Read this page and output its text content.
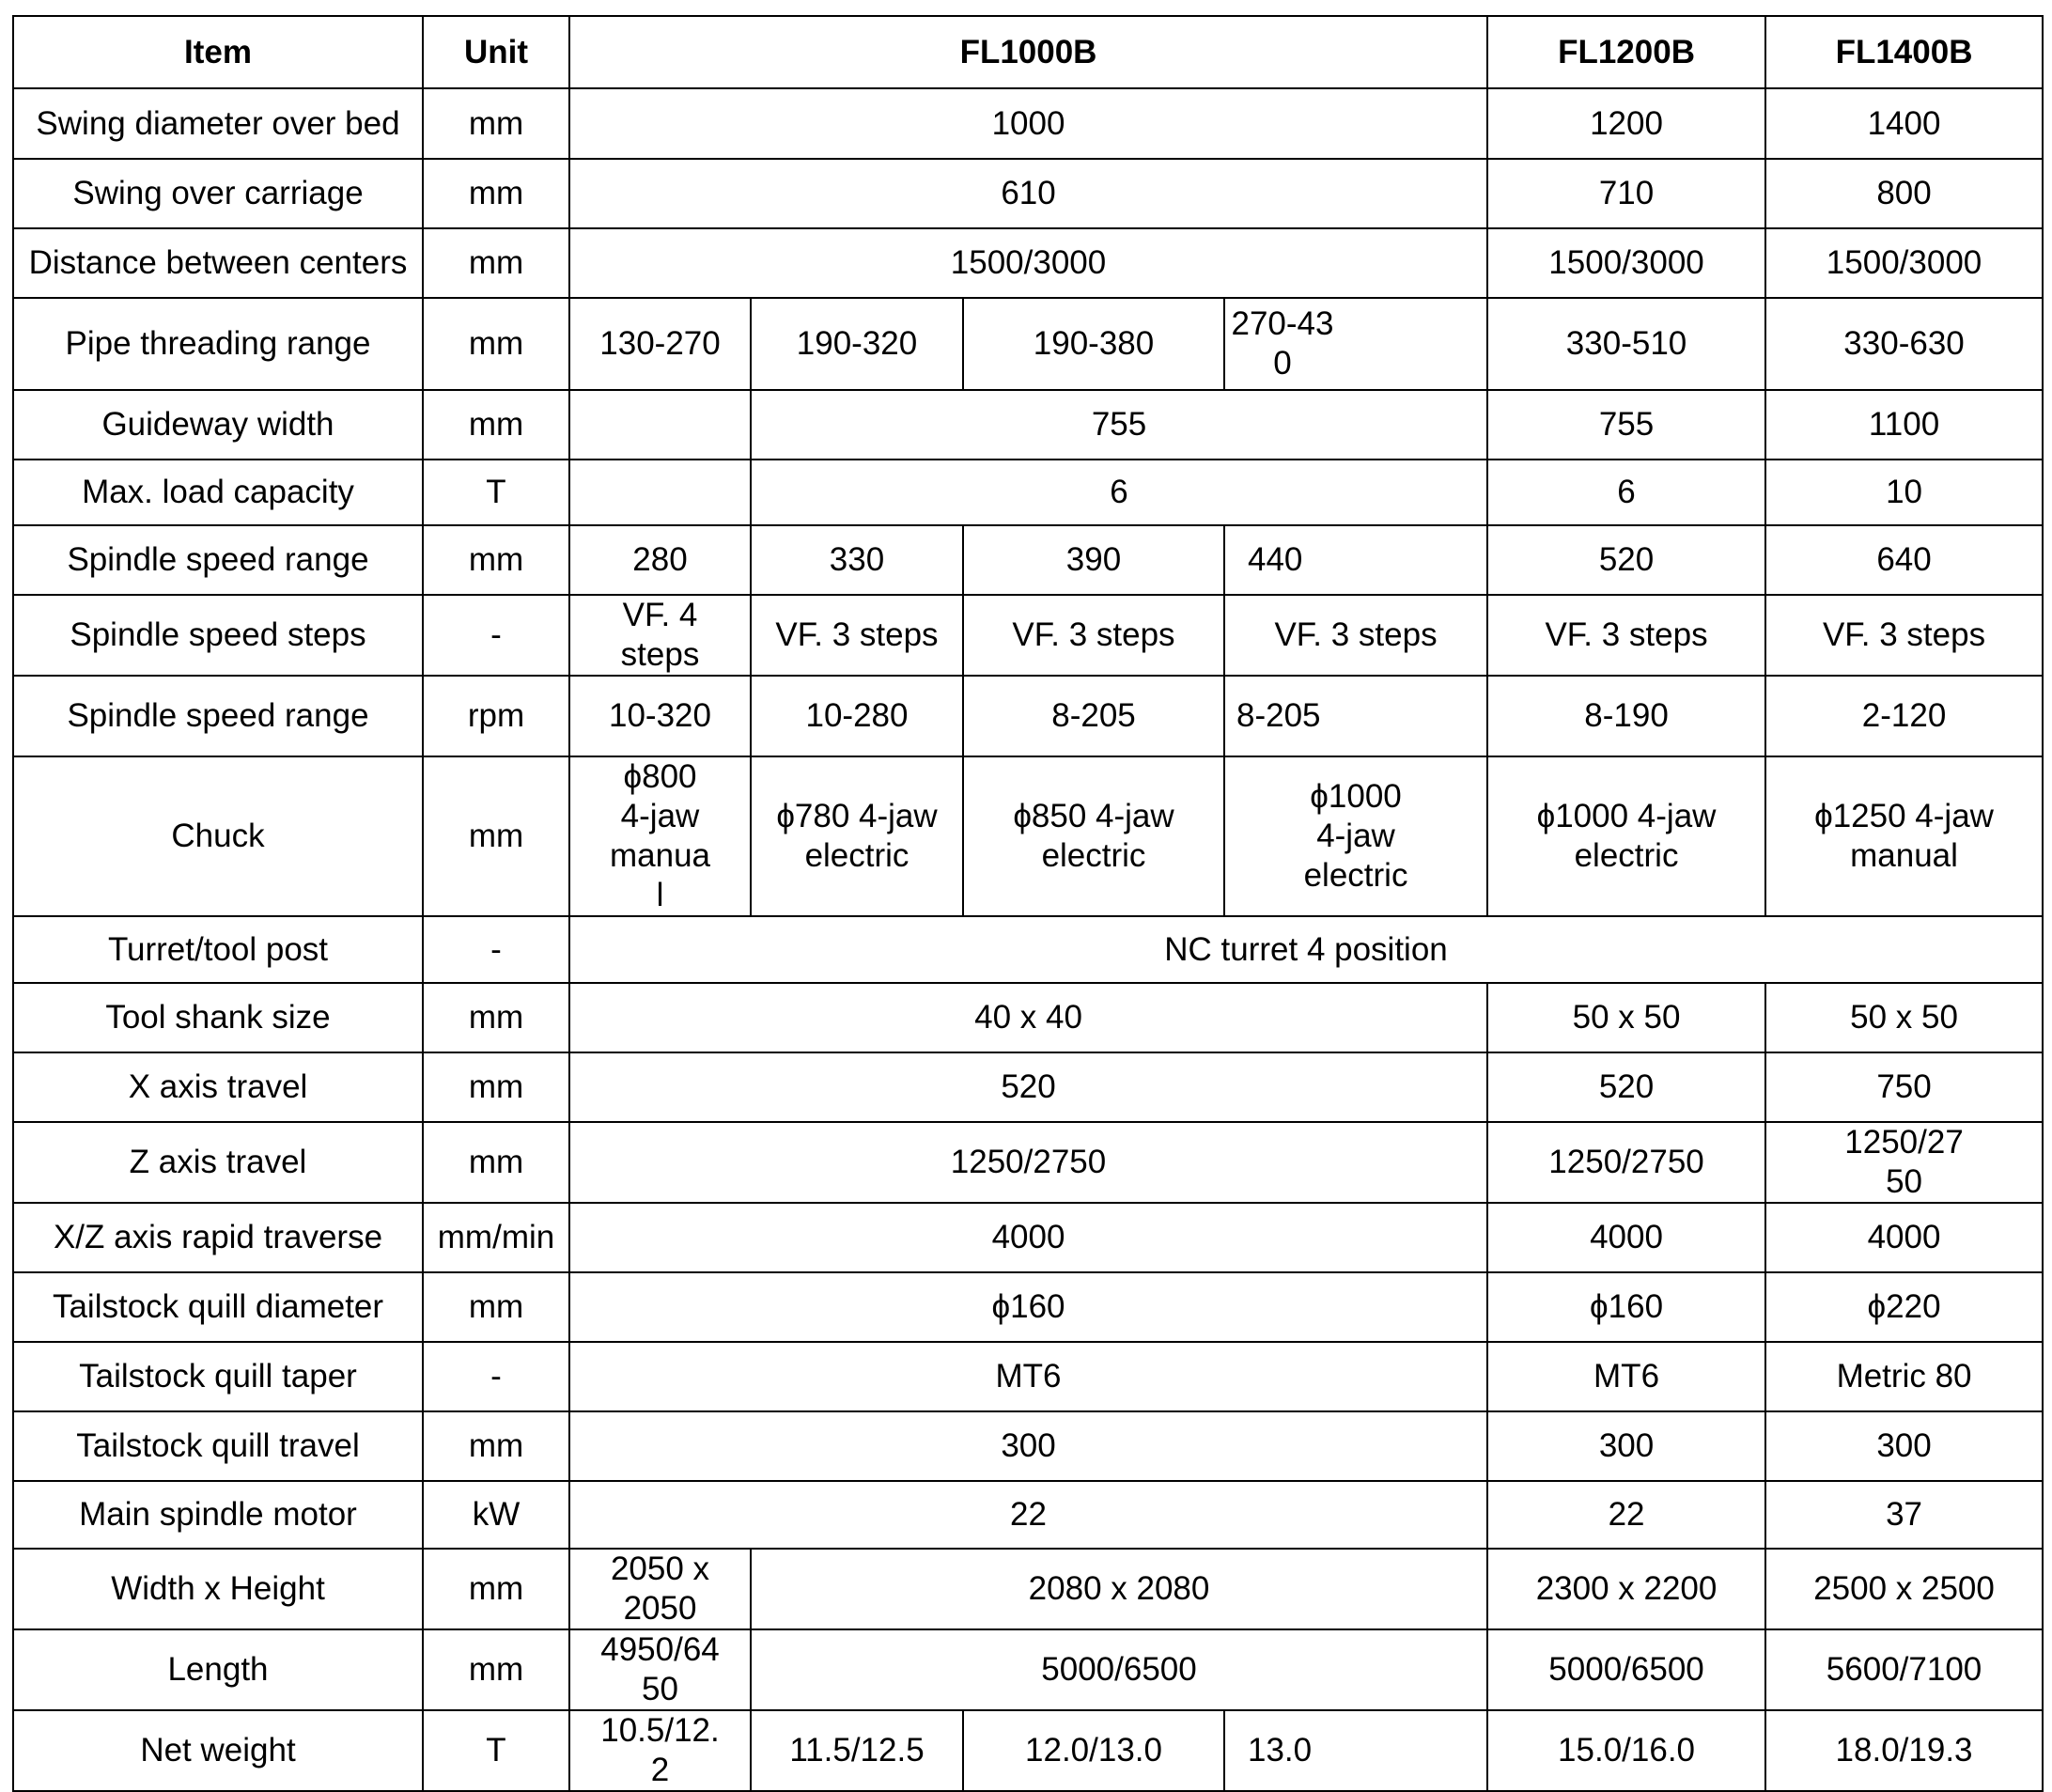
Item	Unit	FL1000B				FL1200B	FL1400B
Swing diameter over bed	mm	1000				1200	1400
Swing over carriage	mm	610				710	800
Distance between centers	mm	1500/3000				1500/3000	1500/3000
Pipe threading range	mm	130-270	190-320	190-380	270-430	330-510	330-630
Guideway width	mm		755			755	1100
Max. load capacity	T		6			6	10
Spindle speed range	mm	280	330	390	440	520	640
Spindle speed steps	-	VF. 4 steps	VF. 3 steps	VF. 3 steps	VF. 3 steps	VF. 3 steps	VF. 3 steps
Spindle speed range	rpm	10-320	10-280	8-205	8-205	8-190	2-120
Chuck	mm	ϕ800 4-jaw manual	ϕ780 4-jaw electric	ϕ850 4-jaw electric	ϕ1000 4-jaw electric	ϕ1000 4-jaw electric	ϕ1250 4-jaw manual
Turret/tool post	-	NC turret 4 position					
Tool shank size	mm	40 x 40				50 x 50	50 x 50
X axis travel	mm	520				520	750
Z axis travel	mm	1250/2750				1250/2750	1250/2750
X/Z axis rapid traverse	mm/min	4000				4000	4000
Tailstock quill diameter	mm	ϕ160				ϕ160	ϕ220
Tailstock quill taper	-	MT6				MT6	Metric 80
Tailstock quill travel	mm	300				300	300
Main spindle motor	kW	22				22	37
Width x Height	mm	2050 x 2050	2080 x 2080			2300 x 2200	2500 x 2500
Length	mm	4950/6450	5000/6500			5000/6500	5600/7100
Net weight	T	10.5/12.2	11.5/12.5	12.0/13.0	13.0	15.0/16.0	18.0/19.3
